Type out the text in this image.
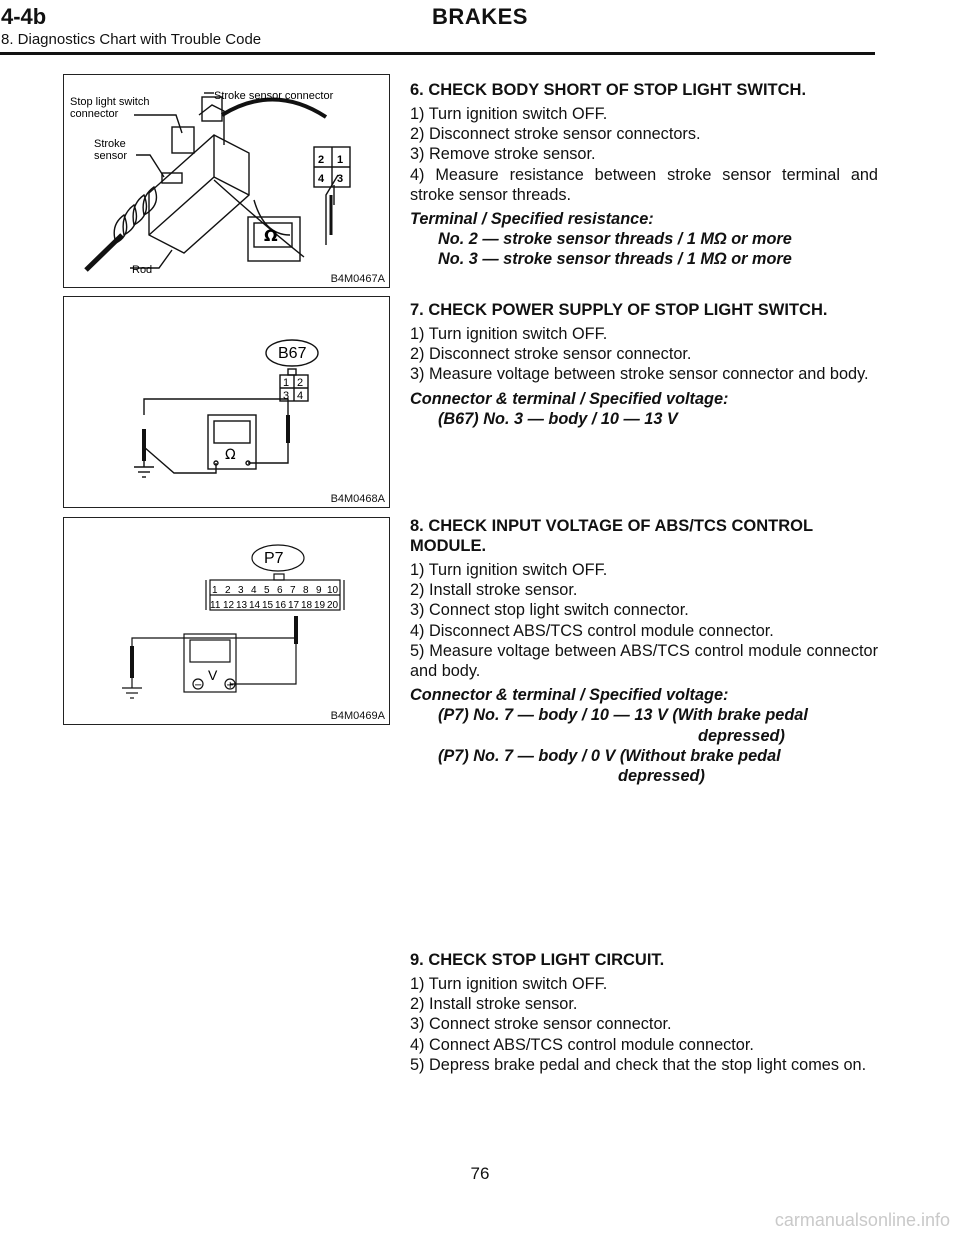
4-4b	BRAKES
8. Diagnostics Chart with Trouble Code
Stop light switch
connector
Stroke sensor connector
Stroke
sensor
Rod
Ω
2 1
4 3
B4M0467A
B67
1 2
3 4
Ω
B4M0468A
P7
1 2 3 4 5 6 7 8 9 10
11 12 13 14 15 16 17 18 19 20
V
− +
B4M0469A
6. CHECK BODY SHORT OF STOP LIGHT SWITCH.

1) Turn ignition switch OFF.

2) Disconnect stroke sensor connectors.

3) Remove stroke sensor.

4) Measure resistance between stroke sensor terminal and stroke sensor threads.

Terminal / Specified resistance:

No. 2 — stroke sensor threads / 1 MΩ or more

No. 3 — stroke sensor threads / 1 MΩ or more

7. CHECK POWER SUPPLY OF STOP LIGHT SWITCH.

1) Turn ignition switch OFF.

2) Disconnect stroke sensor connector.

3) Measure voltage between stroke sensor connector and body.

Connector & terminal / Specified voltage:

(B67) No. 3 — body / 10 — 13 V

8. CHECK INPUT VOLTAGE OF ABS/TCS CONTROL MODULE.

1) Turn ignition switch OFF.

2) Install stroke sensor.

3) Connect stop light switch connector.

4) Disconnect ABS/TCS control module connector.

5) Measure voltage between ABS/TCS control module connector and body.

Connector & terminal / Specified voltage:

(P7) No. 7 — body / 10 — 13 V (With brake pedal
depressed)

(P7) No. 7 — body / 0 V (Without brake pedal
depressed)

9. CHECK STOP LIGHT CIRCUIT.

1) Turn ignition switch OFF.

2) Install stroke sensor.

3) Connect stroke sensor connector.

4) Connect ABS/TCS control module connector.

5) Depress brake pedal and check that the stop light comes on.

76
carmanualsonline.info
